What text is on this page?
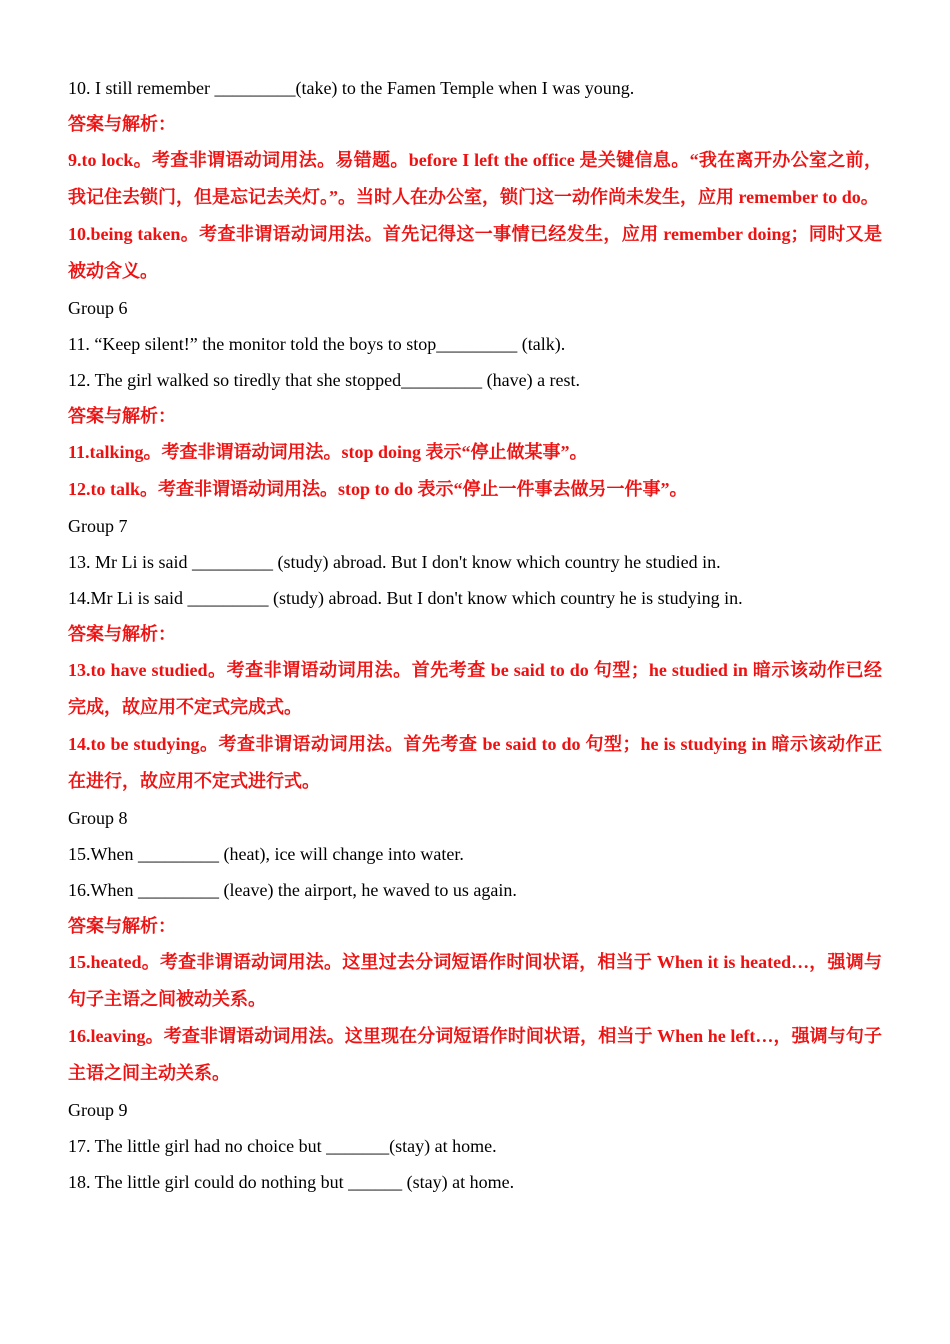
10. I still remember _________(take) to the Famen Temple when I was young.
答案与解析：
9.to lock。考查非谓语动词用法。易错题。before I left the office 是关键信息。“我在离开办公室之前，我记住去锁门，但是忘记去关灯。”。当时人在办公室，锁门这一动作尚未发生，应用 remember to do。
10.being taken。考查非谓语动词用法。首先记得这一事情已经发生，应用 remember doing；同时又是被动含义。
Group 6
11. “Keep silent!” the monitor told the boys to stop_________ (talk).
12. The girl walked so tiredly that she stopped_________ (have) a rest.
答案与解析：
11.talking。考查非谓语动词用法。stop doing 表示“停止做某事”。
12.to talk。考查非谓语动词用法。stop to do 表示“停止一件事去做另一件事”。
Group 7
13. Mr Li is said _________ (study) abroad. But I don't know which country he studied in.
14.Mr Li is said _________ (study) abroad. But I don't know which country he is studying in.
答案与解析：
13.to have studied。考查非谓语动词用法。首先考查 be said to do 句型；he studied in 暗示该动作已经完成，故应用不定式完成式。
14.to be studying。考查非谓语动词用法。首先考查 be said to do 句型；he is studying in 暗示该动作正在进行，故应用不定式进行式。
Group 8
15.When _________ (heat), ice will change into water.
16.When _________ (leave) the airport, he waved to us again.
答案与解析：
15.heated。考查非谓语动词用法。这里过去分词短语作时间状语，相当于 When it is heated…，强调与句子主语之间被动关系。
16.leaving。考查非谓语动词用法。这里现在分词短语作时间状语，相当于 When he left…，强调与句子主语之间主动关系。
Group 9
17. The little girl had no choice but _______(stay) at home.
18. The little girl could do nothing but ______ (stay) at home.
